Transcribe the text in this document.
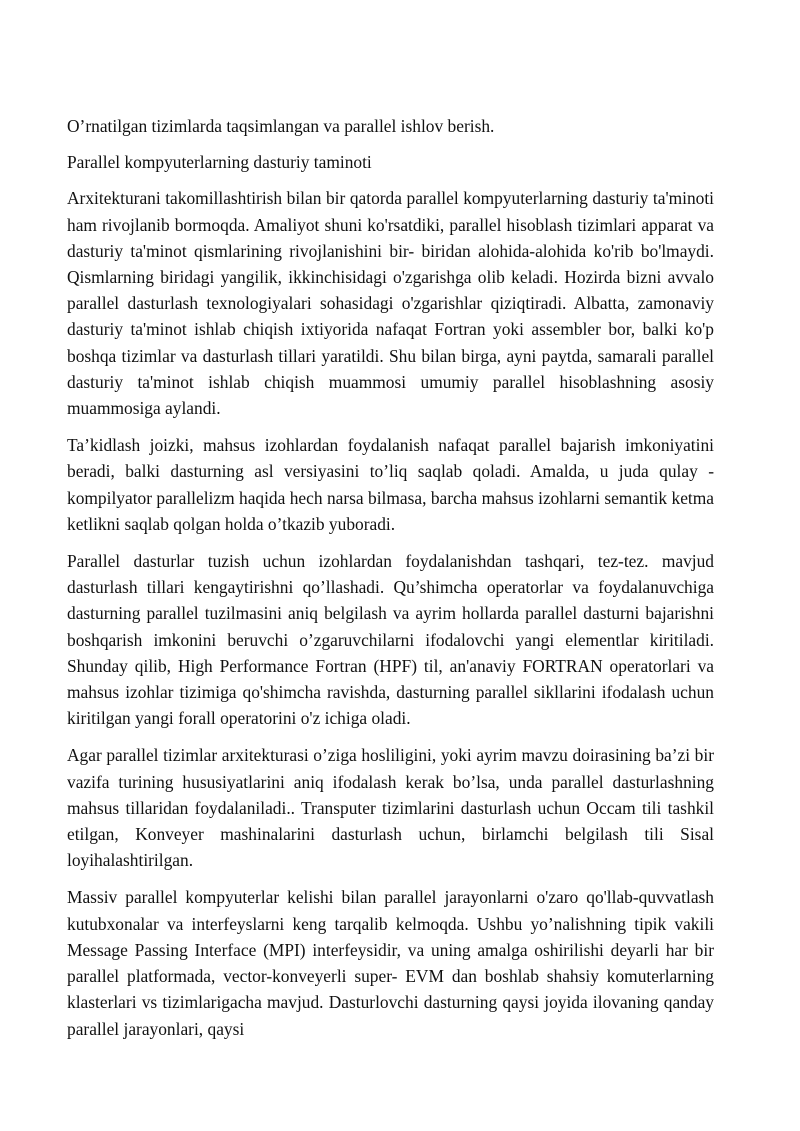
O’rnatilgan tizimlarda taqsimlangan va parallel ishlov berish.

Parallel kompyuterlarning dasturiy taminoti

Arxitekturani takomillashtirish bilan bir qatorda parallel kompyuterlarning dasturiy ta'minoti ham rivojlanib bormoqda. Amaliyot shuni ko'rsatdiki, parallel hisoblash tizimlari apparat va dasturiy ta'minot qismlarining rivojlanishini bir- biridan alohida-alohida ko'rib bo'lmaydi. Qismlarning biridagi yangilik, ikkinchisidagi o'zgarishga olib keladi. Hozirda bizni avvalo parallel dasturlash texnologiyalari sohasidagi o'zgarishlar qiziqtiradi. Albatta, zamonaviy dasturiy ta'minot ishlab chiqish ixtiyorida nafaqat Fortran yoki assembler bor, balki ko'p boshqa tizimlar va dasturlash tillari yaratildi. Shu bilan birga, ayni paytda, samarali parallel dasturiy ta'minot ishlab chiqish muammosi umumiy parallel hisoblashning asosiy muammosiga aylandi.

Ta’kidlash joizki, mahsus izohlardan foydalanish nafaqat parallel bajarish imkoniyatini beradi, balki dasturning asl versiyasini to’liq saqlab qoladi. Amalda, u juda qulay - kompilyator parallelizm haqida hech narsa bilmasa, barcha mahsus izohlarni semantik ketma ketlikni saqlab qolgan holda o’tkazib yuboradi.

Parallel dasturlar tuzish uchun izohlardan foydalanishdan tashqari, tez-tez. mavjud dasturlash tillari kengaytirishni qo’llashadi. Qu’shimcha operatorlar va foydalanuvchiga dasturning parallel tuzilmasini aniq belgilash va ayrim hollarda parallel dasturni bajarishni boshqarish imkonini beruvchi o’zgaruvchilarni ifodalovchi yangi elementlar kiritiladi. Shunday qilib, High Performance Fortran (HPF) til, an'anaviy FORTRAN operatorlari va mahsus izohlar tizimiga qo'shimcha ravishda, dasturning parallel sikllarini ifodalash uchun kiritilgan yangi forall operatorini o'z ichiga oladi.

Agar parallel tizimlar arxitekturasi o’ziga hosliligini, yoki ayrim mavzu doirasining ba’zi bir vazifa turining hususiyatlarini aniq ifodalash kerak bo’lsa, unda parallel dasturlashning mahsus tillaridan foydalaniladi.. Transputer tizimlarini dasturlash uchun Occam tili tashkil etilgan, Konveyer mashinalarini dasturlash uchun, birlamchi belgilash tili Sisal loyihalashtirilgan.

Massiv parallel kompyuterlar kelishi bilan parallel jarayonlarni o'zaro qo'llab-quvvatlash kutubxonalar va interfeyslarni keng tarqalib kelmoqda. Ushbu yo’nalishning tipik vakili Message Passing Interface (MPI) interfeysidir, va uning amalga oshirilishi deyarli har bir parallel platformada, vector-konveyerli super- EVM dan boshlab shahsiy komuterlarning klasterlari vs tizimlarigacha mavjud. Dasturlovchi dasturning qaysi joyida ilovaning qanday parallel jarayonlari, qaysi
